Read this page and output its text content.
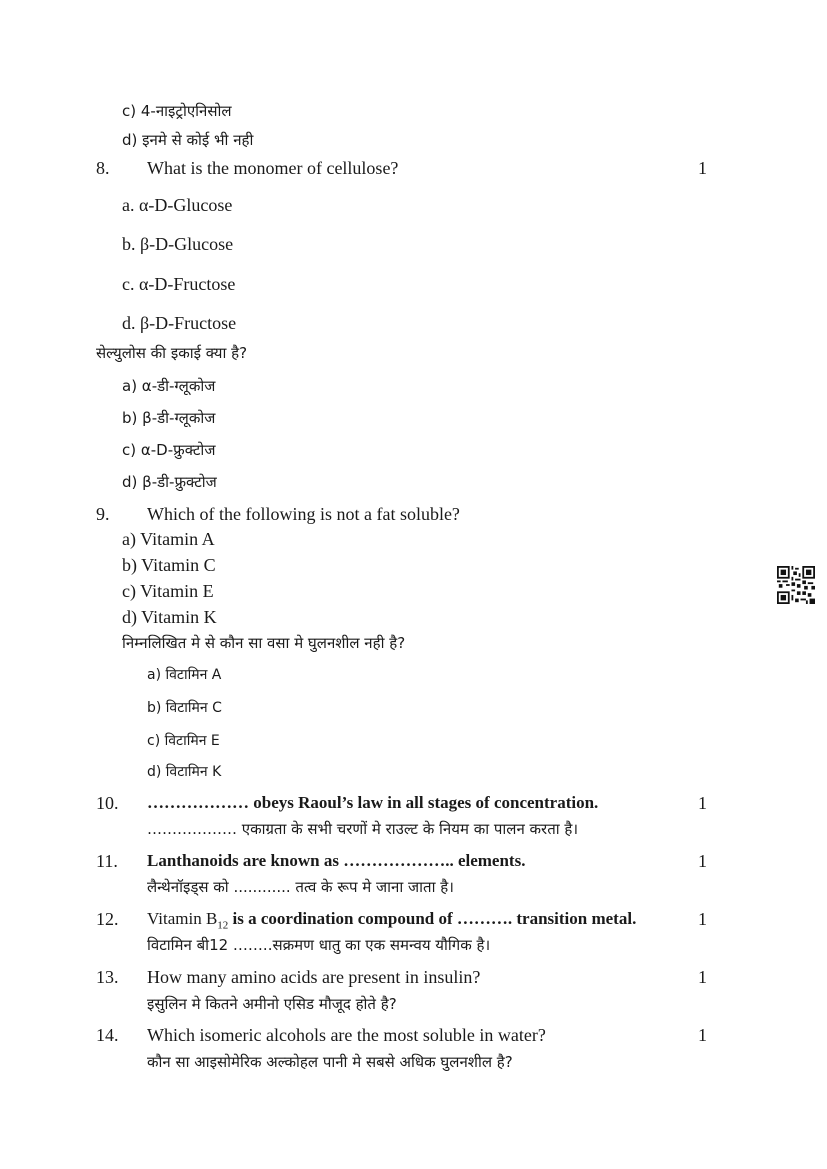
c) 4-नाइट्रोएनिसोल
d) इनमे से कोई भी नही
8. What is the monomer of cellulose?	1
a. α-D-Glucose
b. β-D-Glucose
c. α-D-Fructose
d. β-D-Fructose
सेल्युलोस की इकाई क्या है?
a) α-डी-ग्लूकोज
b) β-डी-ग्लूकोज
c) α-D-फ्रुक्टोज
d) β-डी-फ्रुक्टोज
9. Which of the following is not a fat soluble?
a) Vitamin A
b) Vitamin C
c) Vitamin E
d) Vitamin K
निम्नलिखित मे से कौन सा वसा मे घुलनशील नही है?
a) विटामिन A
b) विटामिन C
c) विटामिन E
d) विटामिन K
10. ……………… obeys Raoul’s law in all stages of concentration.	1
……………… एकाग्रता के सभी चरणों मे राउल्ट के नियम का पालन करता है।
11. Lanthanoids are known as ……………….. elements.	1
लैन्थेनॉइड्स को ............ तत्व के रूप मे जाना जाता है।
12. Vitamin $B_{12}$ is a coordination compound of ………. transition metal.	1
विटामिन बी12 ……..सक्रमण धातु का एक समन्वय यौगिक है।
13. How many amino acids are present in insulin?	1
इसुलिन मे कितने अमीनो एसिड मौजूद होते है?
14. Which isomeric alcohols are the most soluble in water?	1
कौन सा आइसोमेरिक अल्कोहल पानी मे सबसे अधिक घुलनशील है?
